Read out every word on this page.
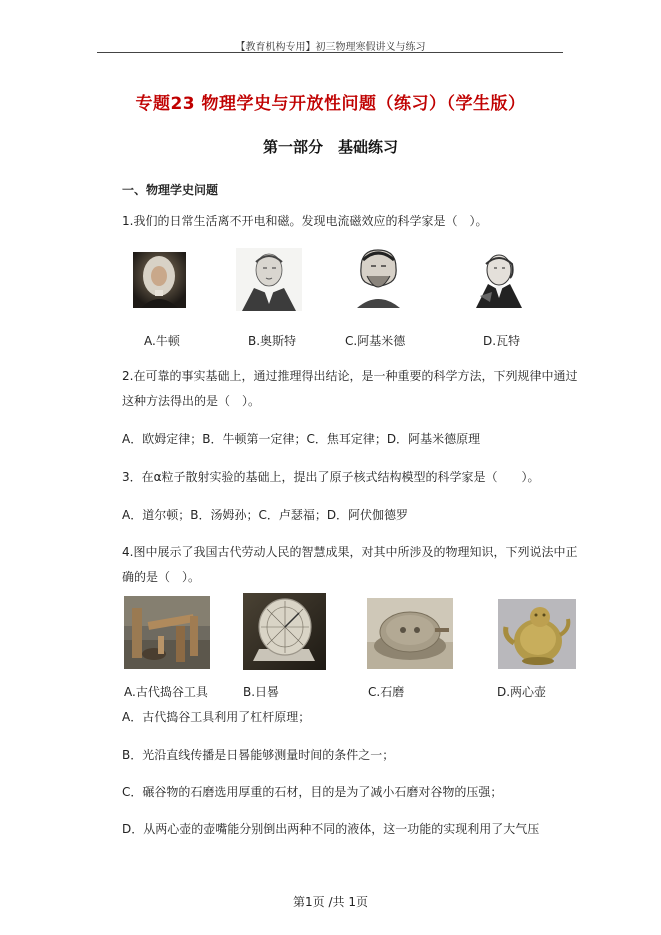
【教育机构专用】初三物理寒假讲义与练习
专题23 物理学史与开放性问题（练习）（学生版）
第一部分　基础练习
一、物理学史问题
1.我们的日常生活离不开电和磁。发现电流磁效应的科学家是（　）。
A.牛顿	B.奥斯特	C.阿基米德	D.瓦特
2.在可靠的事实基础上，通过推理得出结论，是一种重要的科学方法，下列规律中通过
这种方法得出的是（　）。
A．欧姆定律；B．牛顿第一定律；C．焦耳定律；D．阿基米德原理
3．在α粒子散射实验的基础上，提出了原子核式结构模型的科学家是（　　）。
A．道尔顿；B．汤姆孙；C．卢瑟福；D．阿伏伽德罗
4.图中展示了我国古代劳动人民的智慧成果，对其中所涉及的物理知识，下列说法中正
确的是（　）。
A.古代捣谷工具	B.日晷	C.石磨	D.两心壶
A．古代捣谷工具利用了杠杆原理；
B．光沿直线传播是日晷能够测量时间的条件之一；
C．碾谷物的石磨选用厚重的石材，目的是为了减小石磨对谷物的压强；
D．从两心壶的壶嘴能分别倒出两种不同的液体，这一功能的实现利用了大气压
第1页 /共 1页
